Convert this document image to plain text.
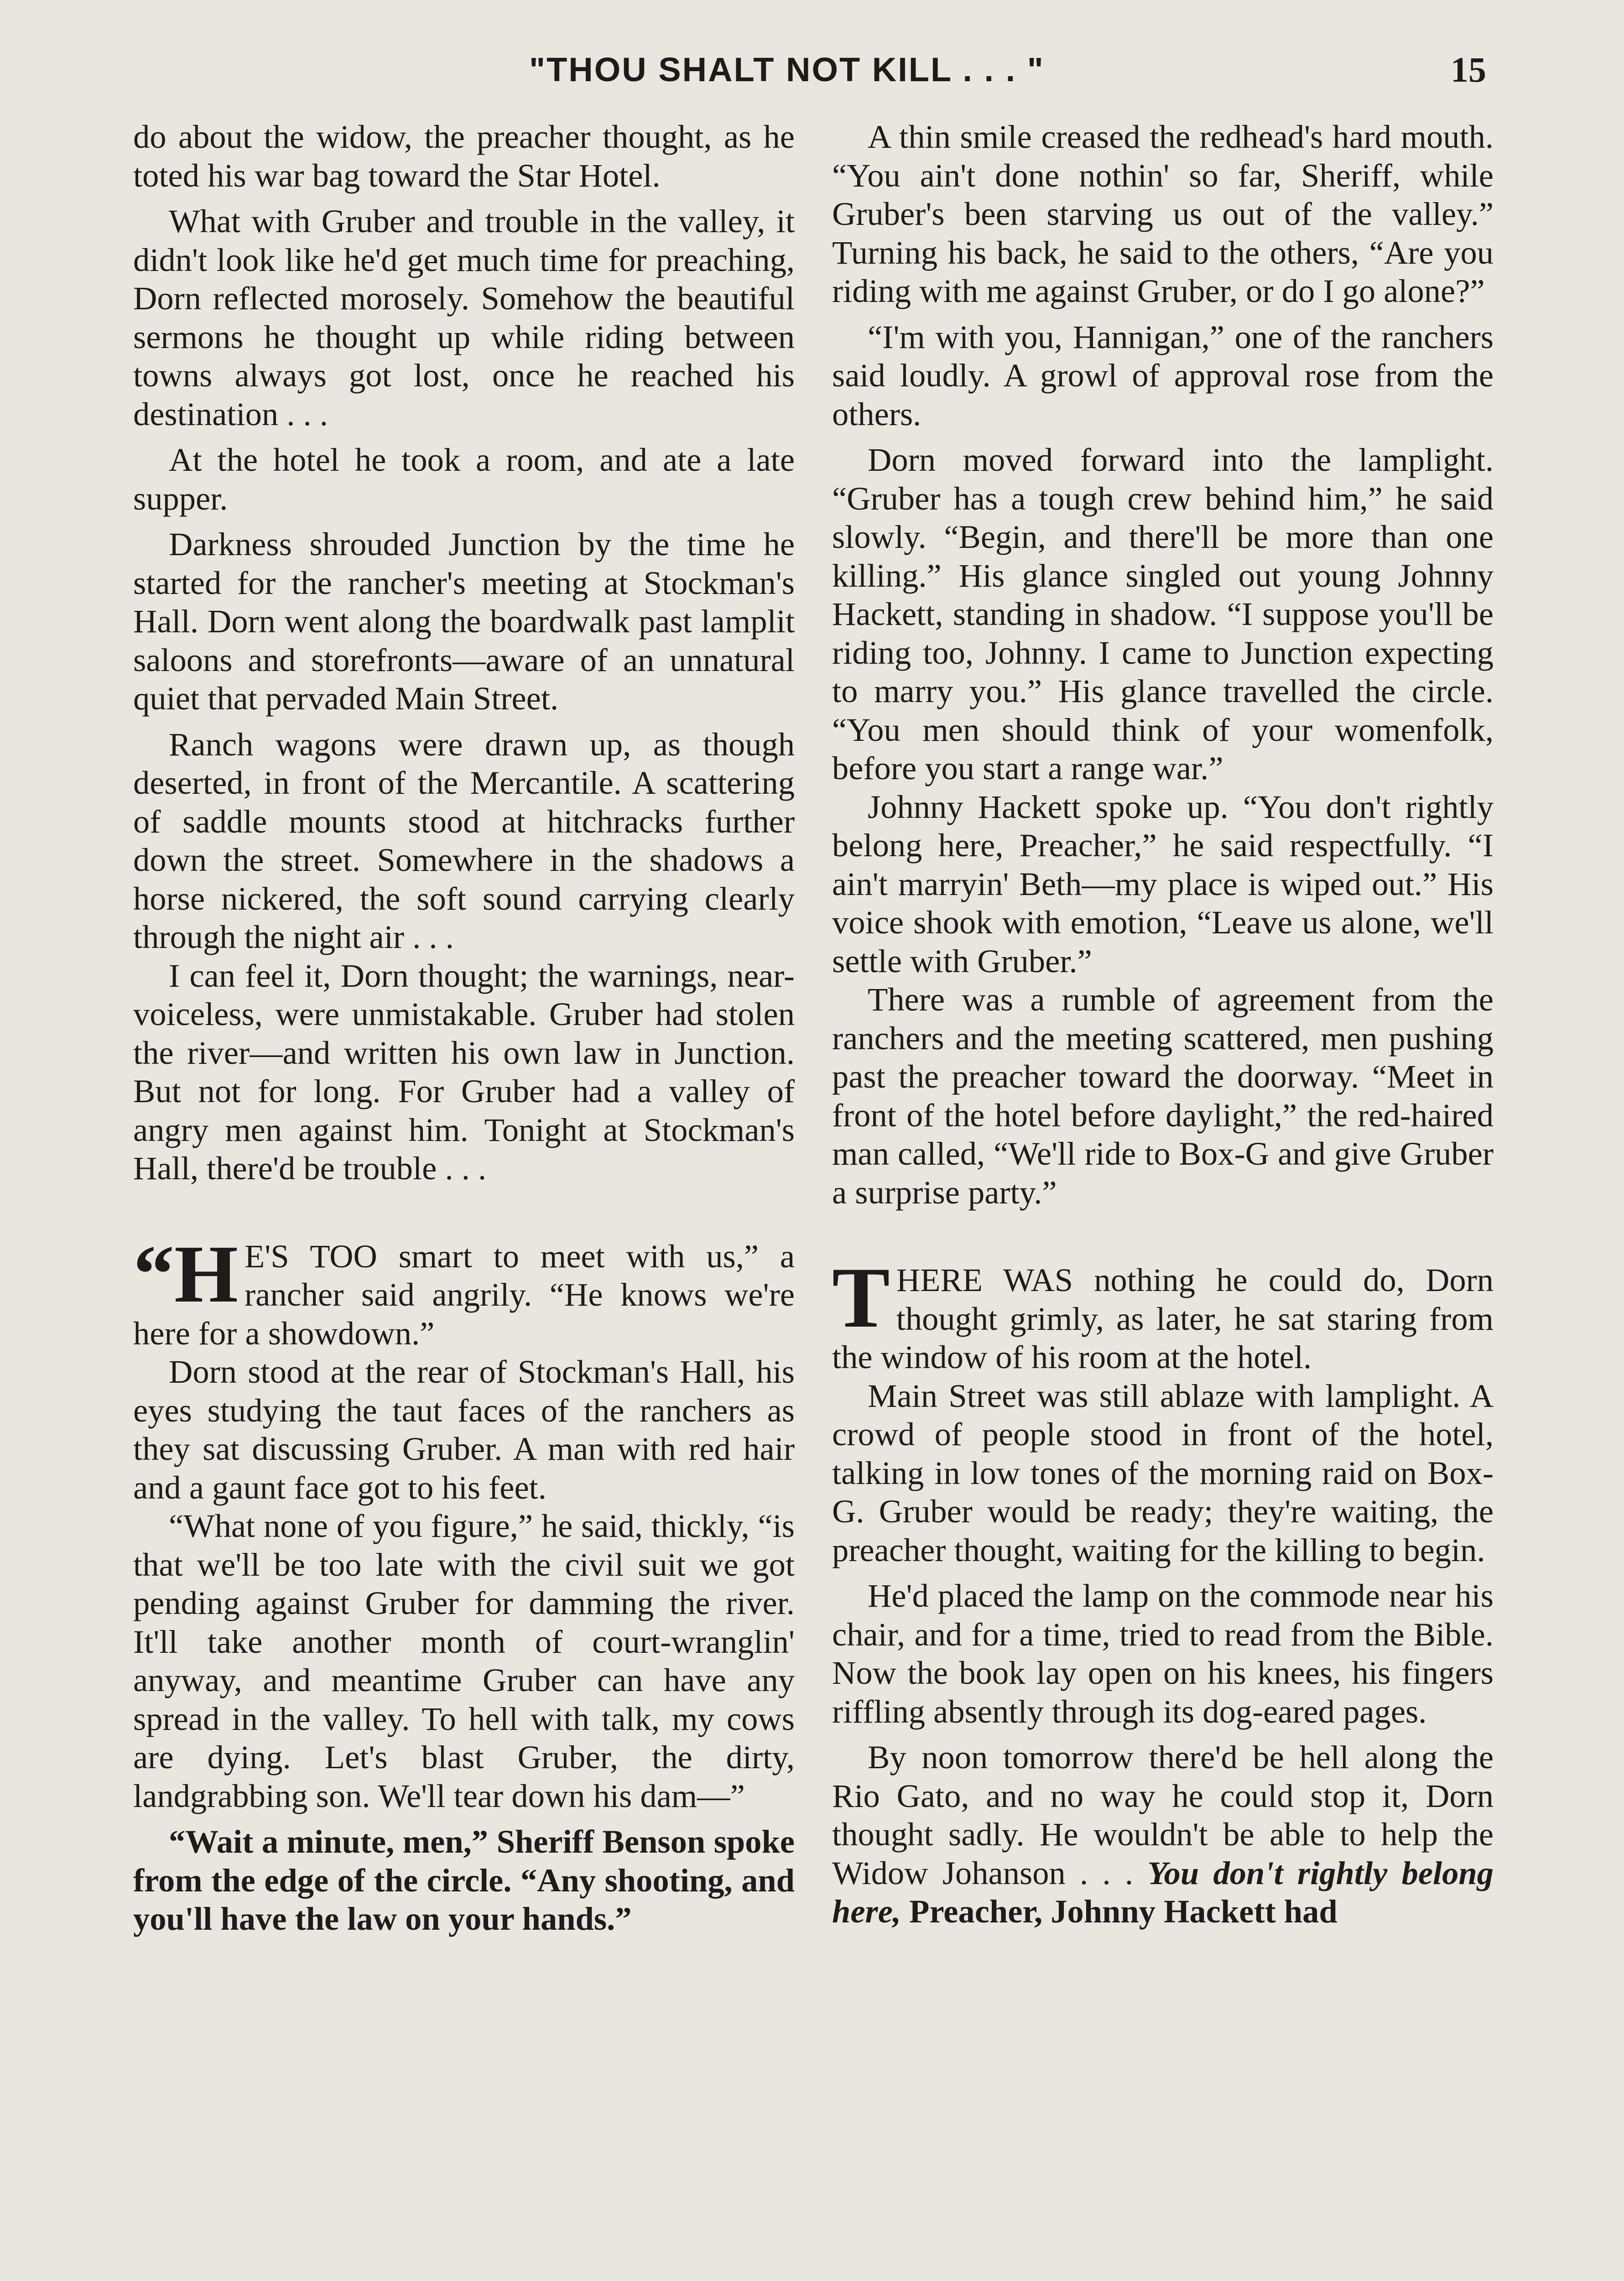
"THOU SHALT NOT KILL . . . "	15

do about the widow, the preacher thought, as he toted his war bag toward the Star Hotel.

What with Gruber and trouble in the valley, it didn't look like he'd get much time for preaching, Dorn reflected morosely. Somehow the beautiful sermons he thought up while riding between towns always got lost, once he reached his destination . . .

At the hotel he took a room, and ate a late supper.

Darkness shrouded Junction by the time he started for the rancher's meeting at Stockman's Hall. Dorn went along the boardwalk past lamplit saloons and storefronts—aware of an unnatural quiet that pervaded Main Street.

Ranch wagons were drawn up, as though deserted, in front of the Mercantile. A scattering of saddle mounts stood at hitchracks further down the street. Somewhere in the shadows a horse nickered, the soft sound carrying clearly through the night air . . .

I can feel it, Dorn thought; the warnings, near-voiceless, were unmistakable. Gruber had stolen the river—and written his own law in Junction. But not for long. For Gruber had a valley of angry men against him. Tonight at Stockman's Hall, there'd be trouble . . .

“H E'S TOO smart to meet with us,” a rancher said angrily. “He knows we're here for a showdown.”

Dorn stood at the rear of Stockman's Hall, his eyes studying the taut faces of the ranchers as they sat discussing Gruber. A man with red hair and a gaunt face got to his feet.

“What none of you figure,” he said, thickly, “is that we'll be too late with the civil suit we got pending against Gruber for damming the river. It'll take another month of court-wranglin' anyway, and meantime Gruber can have any spread in the valley. To hell with talk, my cows are dying. Let's blast Gruber, the dirty, landgrabbing son. We'll tear down his dam—”

“Wait a minute, men,” Sheriff Benson spoke from the edge of the circle. “Any shooting, and you'll have the law on your hands.”

A thin smile creased the redhead's hard mouth. “You ain't done nothin' so far, Sheriff, while Gruber's been starving us out of the valley.” Turning his back, he said to the others, “Are you riding with me against Gruber, or do I go alone?”

“I'm with you, Hannigan,” one of the ranchers said loudly. A growl of approval rose from the others.

Dorn moved forward into the lamplight. “Gruber has a tough crew behind him,” he said slowly. “Begin, and there'll be more than one killing.” His glance singled out young Johnny Hackett, standing in shadow. “I suppose you'll be riding too, Johnny. I came to Junction expecting to marry you.” His glance travelled the circle. “You men should think of your womenfolk, before you start a range war.”

Johnny Hackett spoke up. “You don't rightly belong here, Preacher,” he said respectfully. “I ain't marryin' Beth—my place is wiped out.” His voice shook with emotion, “Leave us alone, we'll settle with Gruber.”

There was a rumble of agreement from the ranchers and the meeting scattered, men pushing past the preacher toward the doorway. “Meet in front of the hotel before daylight,” the red-haired man called, “We'll ride to Box-G and give Gruber a surprise party.”

THERE WAS nothing he could do, Dorn thought grimly, as later, he sat staring from the window of his room at the hotel.

Main Street was still ablaze with lamplight. A crowd of people stood in front of the hotel, talking in low tones of the morning raid on Box-G. Gruber would be ready; they're waiting, the preacher thought, waiting for the killing to begin.

He'd placed the lamp on the commode near his chair, and for a time, tried to read from the Bible. Now the book lay open on his knees, his fingers riffling absently through its dog-eared pages.

By noon tomorrow there'd be hell along the Rio Gato, and no way he could stop it, Dorn thought sadly. He wouldn't be able to help the Widow Johanson . . . You don't rightly belong here, Preacher, Johnny Hackett had
